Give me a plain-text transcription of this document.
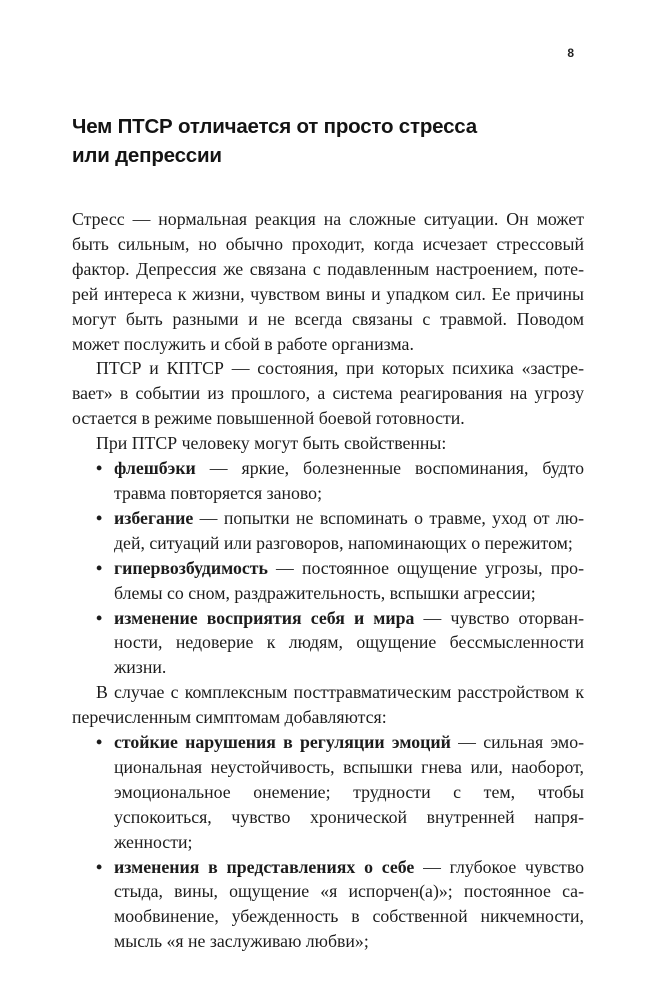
8
Чем ПТСР отличается от просто стресса
или депрессии

Стресс — нормальная реакция на сложные ситуации. Он может быть сильным, но обычно проходит, когда исчезает стрессовый фактор. Депрессия же связана с подавленным настроением, потерей интереса к жизни, чувством вины и упадком сил. Ее причины могут быть разными и не всегда связаны с травмой. Поводом может послужить и сбой в работе организма.

ПТСР и КПТСР — состояния, при которых психика «застревает» в событии из прошлого, а система реагирования на угрозу остается в режиме повышенной боевой готовности.

При ПТСР человеку могут быть свойственны:

• флешбэки — яркие, болезненные воспоминания, будто травма повторяется заново;
• избегание — попытки не вспоминать о травме, уход от людей, ситуаций или разговоров, напоминающих о пережитом;
• гипервозбудимость — постоянное ощущение угрозы, проблемы со сном, раздражительность, вспышки агрессии;
• изменение восприятия себя и мира — чувство оторванности, недоверие к людям, ощущение бессмысленности жизни.

В случае с комплексным посттравматическим расстройством к перечисленным симптомам добавляются:

• стойкие нарушения в регуляции эмоций — сильная эмоциональная неустойчивость, вспышки гнева или, наоборот, эмоциональное онемение; трудности с тем, чтобы успокоиться, чувство хронической внутренней напряженности;
• изменения в представлениях о себе — глубокое чувство стыда, вины, ощущение «я испорчен(а)»; постоянное самообвинение, убежденность в собственной никчемности, мысль «я не заслуживаю любви»;
